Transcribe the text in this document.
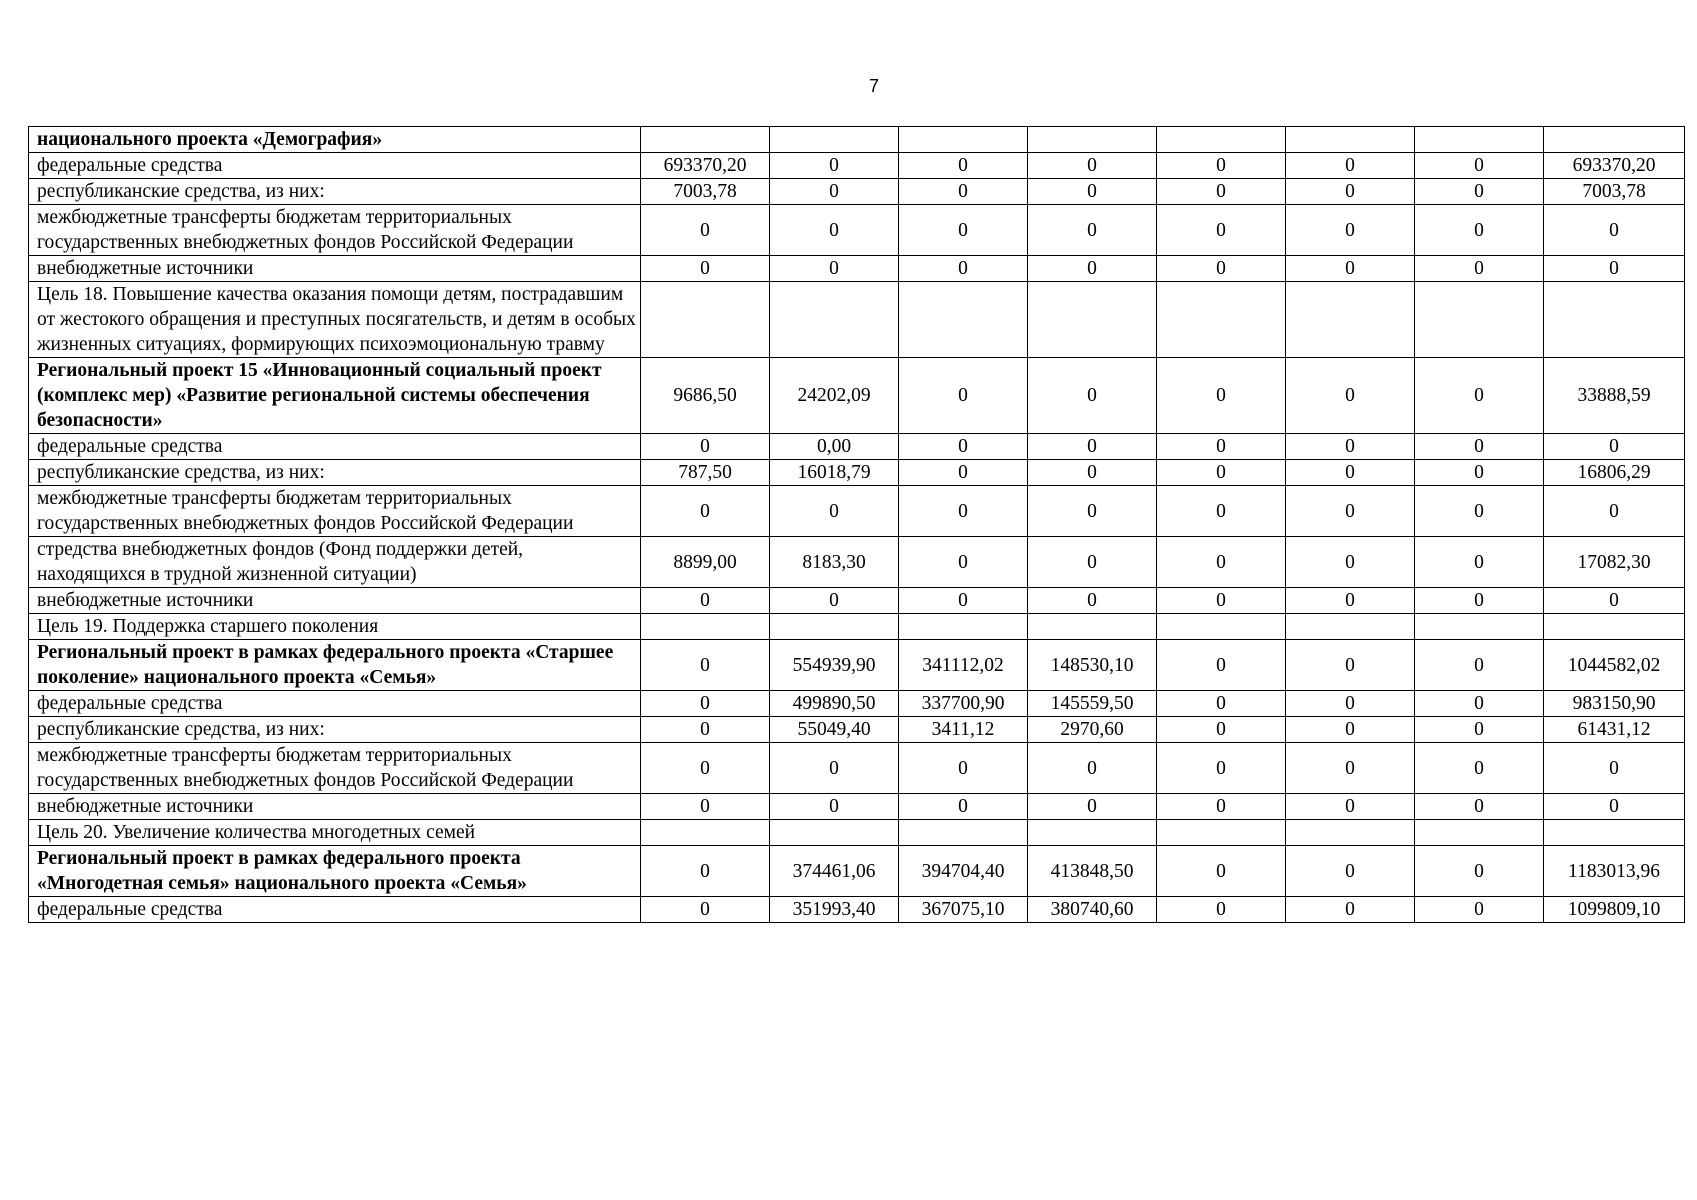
7
национального проекта «Демография»								
федеральные средства	693370,20	0	0	0	0	0	0	693370,20
республиканские средства, из них:	7003,78	0	0	0	0	0	0	7003,78
межбюджетные трансферты бюджетам территориальных государственных внебюджетных фондов Российской Федерации	0	0	0	0	0	0	0	0
внебюджетные источники	0	0	0	0	0	0	0	0
Цель 18. Повышение качества оказания помощи детям, пострадавшим от жестокого обращения и преступных посягательств, и детям в особых жизненных ситуациях, формирующих психоэмоциональную травму								
Региональный проект 15 «Инновационный социальный проект (комплекс мер) «Развитие региональной системы обеспечения безопасности»	9686,50	24202,09	0	0	0	0	0	33888,59
федеральные средства	0	0,00	0	0	0	0	0	0
республиканские средства, из них:	787,50	16018,79	0	0	0	0	0	16806,29
межбюджетные трансферты бюджетам территориальных государственных внебюджетных фондов Российской Федерации	0	0	0	0	0	0	0	0
стредства внебюджетных фондов (Фонд поддержки детей, находящихся в трудной жизненной ситуации)	8899,00	8183,30	0	0	0	0	0	17082,30
внебюджетные источники	0	0	0	0	0	0	0	0
Цель 19. Поддержка старшего поколения								
Региональный проект в рамках федерального проекта «Старшее поколение» национального проекта «Семья»	0	554939,90	341112,02	148530,10	0	0	0	1044582,02
федеральные средства	0	499890,50	337700,90	145559,50	0	0	0	983150,90
республиканские средства, из них:	0	55049,40	3411,12	2970,60	0	0	0	61431,12
межбюджетные трансферты бюджетам территориальных государственных внебюджетных фондов Российской Федерации	0	0	0	0	0	0	0	0
внебюджетные источники	0	0	0	0	0	0	0	0
Цель 20. Увеличение количества многодетных семей								
Региональный проект в рамках федерального проекта «Многодетная семья» национального проекта «Семья»	0	374461,06	394704,40	413848,50	0	0	0	1183013,96
федеральные средства	0	351993,40	367075,10	380740,60	0	0	0	1099809,10
